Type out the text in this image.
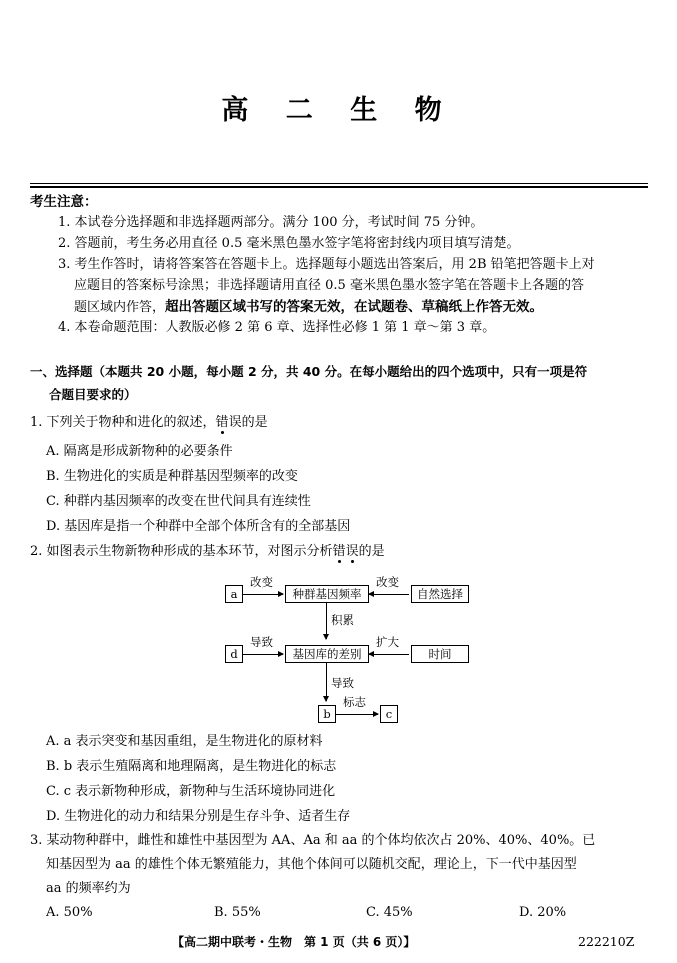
高 二 生 物
考生注意：
1. 本试卷分选择题和非选择题两部分。满分 100 分，考试时间 75 分钟。
2. 答题前，考生务必用直径 0.5 毫米黑色墨水签字笔将密封线内项目填写清楚。
3. 考生作答时，请将答案答在答题卡上。选择题每小题选出答案后，用 2B 铅笔把答题卡上对
应题目的答案标号涂黑；非选择题请用直径 0.5 毫米黑色墨水签字笔在答题卡上各题的答
题区域内作答，超出答题区域书写的答案无效，在试题卷、草稿纸上作答无效。
4. 本卷命题范围：人教版必修 2 第 6 章、选择性必修 1 第 1 章～第 3 章。
一、选择题（本题共 20 小题，每小题 2 分，共 40 分。在每小题给出的四个选项中，只有一项是符
合题目要求的）
1. 下列关于物种和进化的叙述，错误的是
A. 隔离是形成新物种的必要条件
B. 生物进化的实质是种群基因型频率的改变
C. 种群内基因频率的改变在世代间具有连续性
D. 基因库是指一个种群中全部个体所含有的全部基因
2. 如图表示生物新物种形成的基本环节，对图示分析错误的是
a
改变
种群基因频率
改变
自然选择
积累
d
导致
基因库的差别
扩大
时间
导致
b
标志
c
A. a 表示突变和基因重组，是生物进化的原材料
B. b 表示生殖隔离和地理隔离，是生物进化的标志
C. c 表示新物种形成，新物种与生活环境协同进化
D. 生物进化的动力和结果分别是生存斗争、适者生存
3. 某动物种群中，雌性和雄性中基因型为 AA、Aa 和 aa 的个体均依次占 20%、40%、40%。已
知基因型为 aa 的雄性个体无繁殖能力，其他个体间可以随机交配，理论上，下一代中基因型
aa 的频率约为
A. 50%	B. 55%	C. 45%	D. 20%
【高二期中联考・生物　第 1 页（共 6 页）】	222210Z
